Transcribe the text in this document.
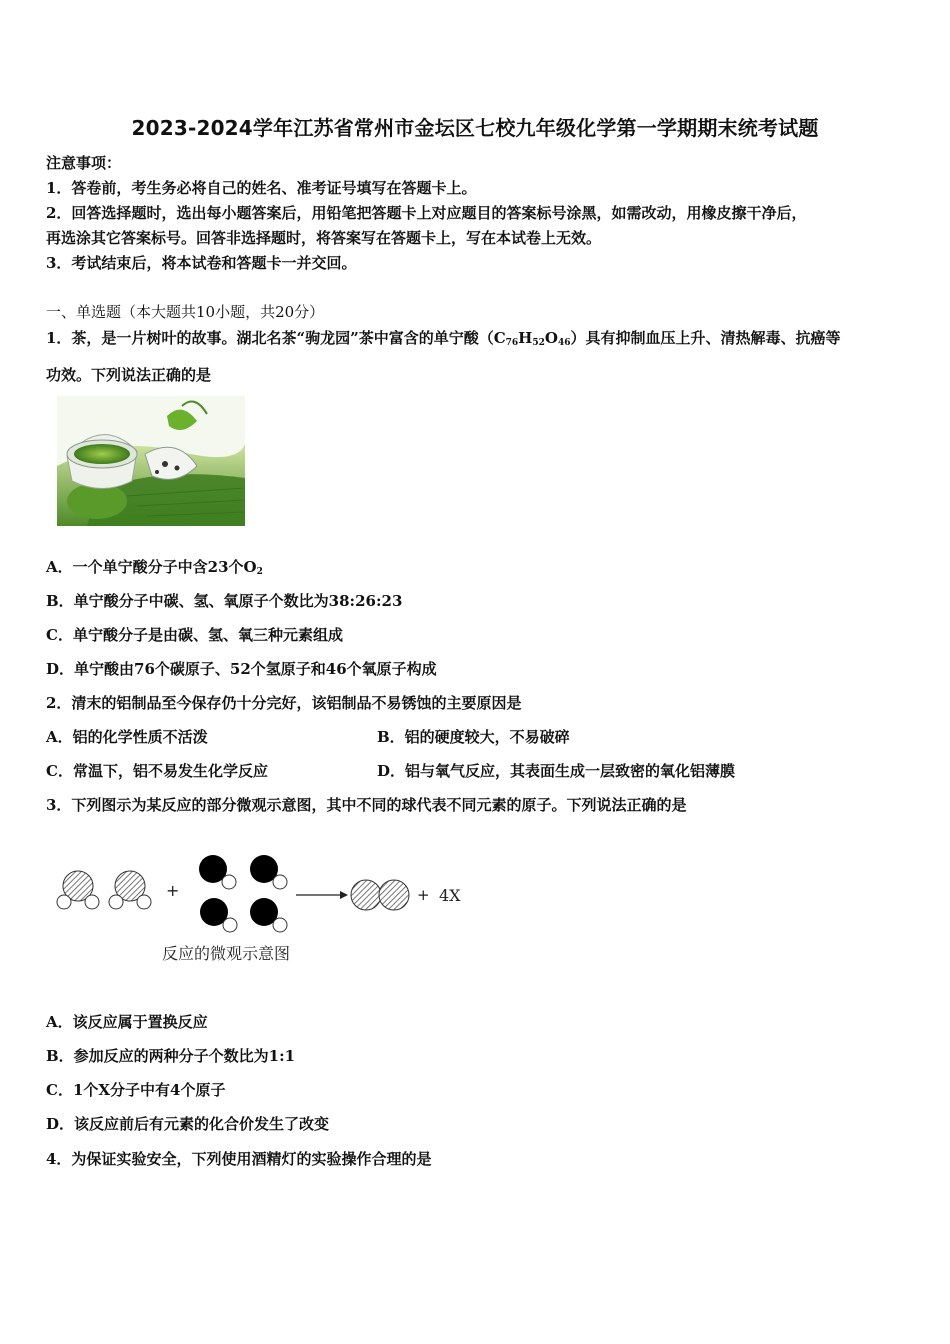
2023-2024学年江苏省常州市金坛区七校九年级化学第一学期期末统考试题
注意事项：
1．答卷前，考生务必将自己的姓名、准考证号填写在答题卡上。
2．回答选择题时，选出每小题答案后，用铅笔把答题卡上对应题目的答案标号涂黑，如需改动，用橡皮擦干净后，
再选涂其它答案标号。回答非选择题时，将答案写在答题卡上，写在本试卷上无效。
3．考试结束后，将本试卷和答题卡一并交回。
一、单选题（本大题共10小题，共20分）
1．茶，是一片树叶的故事。湖北名茶“驹龙园”茶中富含的单宁酸$(C_{76}H_{52}O_{46})$具有抑制血压上升、清热解毒、抗癌等
功效。下列说法正确的是
A．一个单宁酸分子中含23个$O_2$
B．单宁酸分子中碳、氢、氧原子个数比为38:26:23
C．单宁酸分子是由碳、氢、氧三种元素组成
D．单宁酸由76个碳原子、52个氢原子和46个氧原子构成
2．清末的铝制品至今保存仍十分完好，该铝制品不易锈蚀的主要原因是
A．铝的化学性质不活泼	B．铝的硬度较大，不易破碎
C．常温下，铝不易发生化学反应	D．铝与氧气反应，其表面生成一层致密的氧化铝薄膜
3．下列图示为某反应的部分微观示意图，其中不同的球代表不同元素的原子。下列说法正确的是
+	+ 4X
反应的微观示意图
A．该反应属于置换反应
B．参加反应的两种分子个数比为1:1
C．1个X分子中有4个原子
D．该反应前后有元素的化合价发生了改变
4．为保证实验安全，下列使用酒精灯的实验操作合理的是
